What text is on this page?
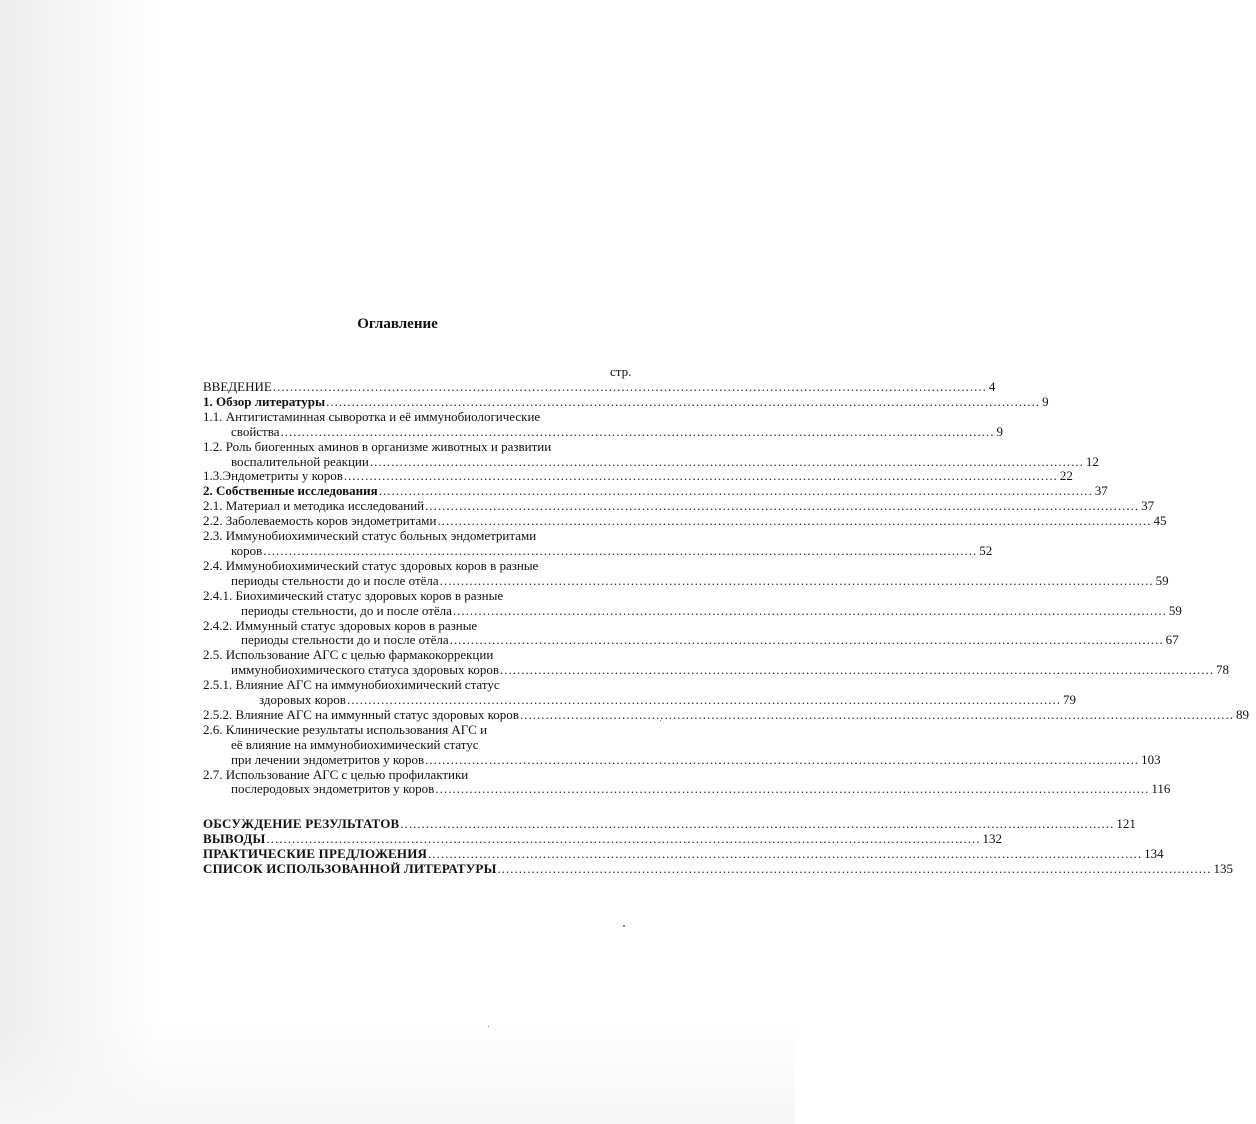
Оглавление
стр.
ВВЕДЕНИЕ .....	4
1. Обзор литературы .....	9
1.1. Антигистаминная сыворотка и её иммунобиологические
свойства .....	9
1.2. Роль биогенных аминов в организме животных и развитии
воспалительной реакции .....	12
1.3.Эндометриты у коров .....	22
2. Собственные исследования .....	37
2.1. Материал и методика исследований .....	37
2.2. Заболеваемость коров эндометритами .....	45
2.3. Иммунобиохимический статус больных эндометритами
коров .....	52
2.4. Иммунобиохимический статус здоровых коров в разные
периоды стельности до и после отёла .....	59
2.4.1. Биохимический статус здоровых коров в разные
периоды стельности, до и после отёла .....	59
2.4.2. Иммунный статус здоровых коров в разные
периоды стельности до и после отёла .....	67
2.5. Использование АГС с целью фармакокоррекции
иммунобиохимического статуса здоровых коров .....	78
2.5.1. Влияние АГС на иммунобиохимический статус
здоровых коров .....	79
2.5.2. Влияние АГС на иммунный статус здоровых коров .....	89
2.6. Клинические результаты использования АГС и
её влияние на иммунобиохимический статус
при лечении эндометритов у коров .....	103
2.7. Использование АГС с целью профилактики
послеродовых эндометритов у коров .....	116
ОБСУЖДЕНИЕ РЕЗУЛЬТАТОВ .....	121
ВЫВОДЫ .....	132
ПРАКТИЧЕСКИЕ ПРЕДЛОЖЕНИЯ .....	134
СПИСОК ИСПОЛЬЗОВАННОЙ ЛИТЕРАТУРЫ .....	135
